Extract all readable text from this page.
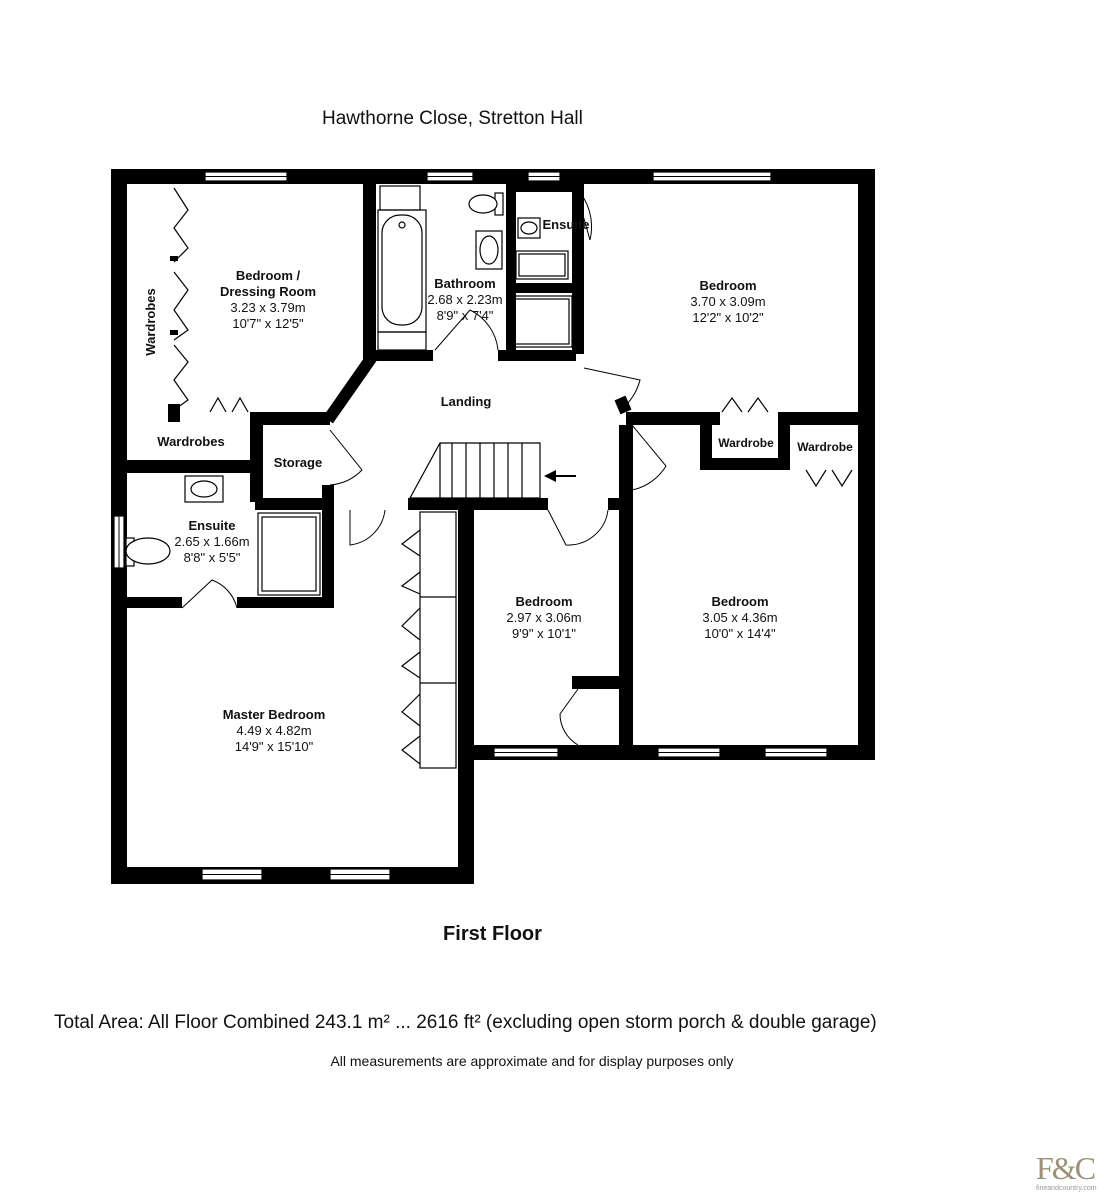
Hawthorne Close, Stretton Hall
Bedroom /
Dressing Room
3.23 x 3.79m
10'7" x 12'5"
Bathroom
2.68 x 2.23m
8'9" x 7'4"
Ensuite
Bedroom
3.70 x 3.09m
12'2" x 10'2"
Landing
Storage
Ensuite
2.65 x 1.66m
8'8" x 5'5"
Master Bedroom
4.49 x 4.82m
14'9" x 15'10"
Bedroom
2.97 x 3.06m
9'9" x 10'1"
Bedroom
3.05 x 4.36m
10'0" x 14'4"
Wardrobes	Wardrobe Wardrobe
Wardrobes
First Floor
Total Area: All Floor Combined 243.1 m² ... 2616 ft² (excluding open storm porch & double garage)
All measurements are approximate and for display purposes only
F&C
fineandcountry.com
